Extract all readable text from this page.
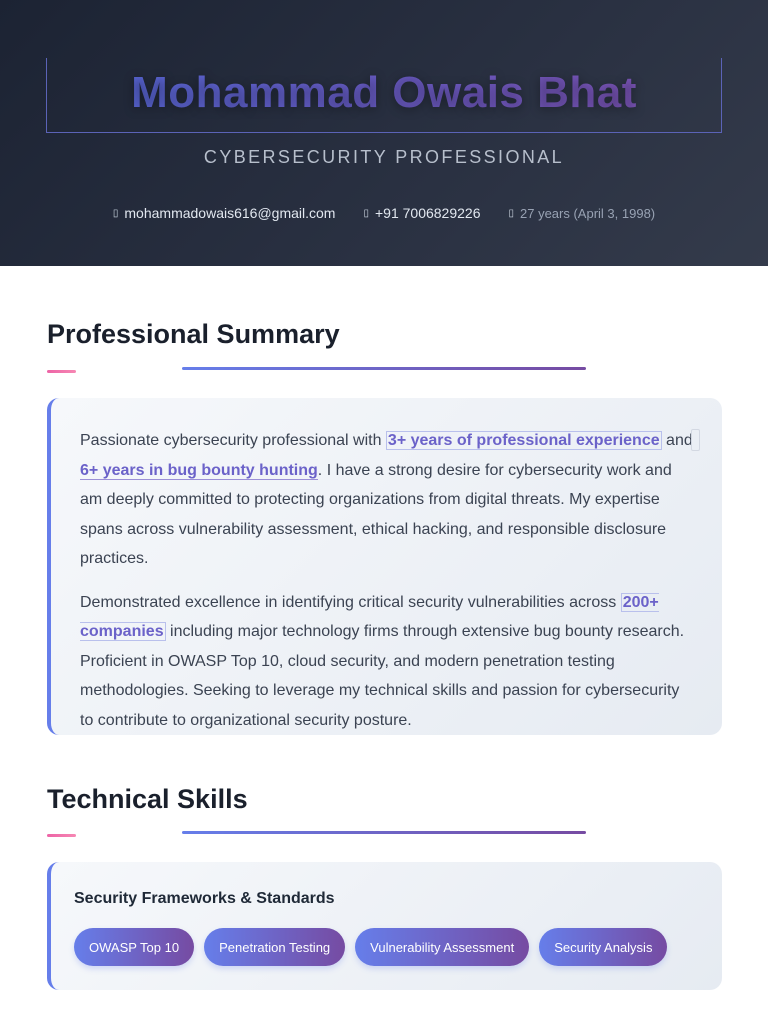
Mohammad Owais Bhat
CYBERSECURITY PROFESSIONAL
▯ mohammadowais616@gmail.com	▯ +91 7006829226	▯ 27 years (April 3, 1998)
Professional Summary

Passionate cybersecurity professional with 3+ years of professional experience and 6+ years in bug bounty hunting. I have a strong desire for cybersecurity work and am deeply committed to protecting organizations from digital threats. My expertise spans across vulnerability assessment, ethical hacking, and responsible disclosure practices.

Demonstrated excellence in identifying critical security vulnerabilities across 200+ companies including major technology firms through extensive bug bounty research. Proficient in OWASP Top 10, cloud security, and modern penetration testing methodologies. Seeking to leverage my technical skills and passion for cybersecurity to contribute to organizational security posture.

Technical Skills
Security Frameworks & Standards
OWASP Top 10	Penetration Testing	Vulnerability Assessment	Security Analysis
